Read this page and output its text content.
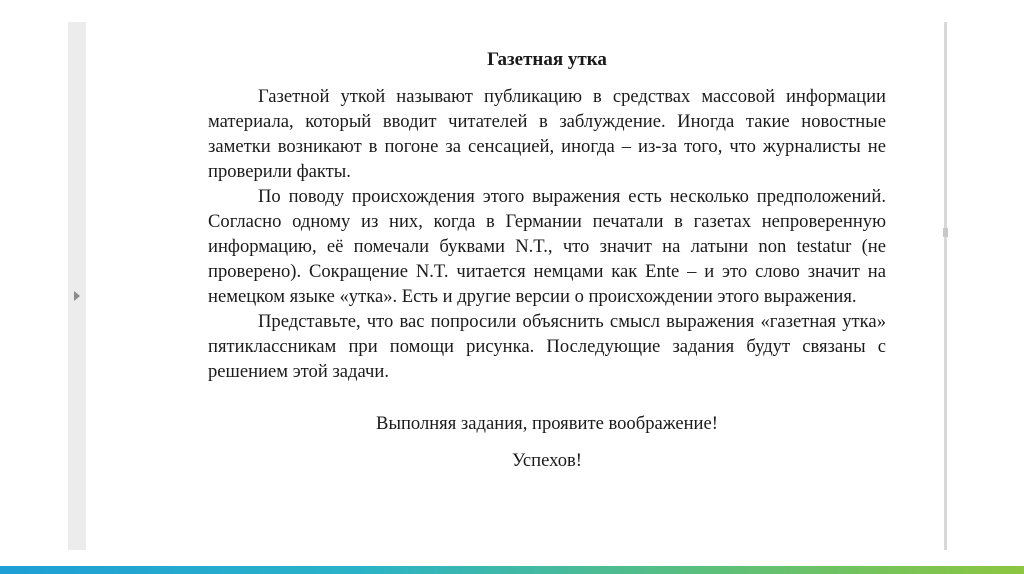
Газетная утка

Газетной уткой называют публикацию в средствах массовой информации материала, который вводит читателей в заблуждение. Иногда такие новостные заметки возникают в погоне за сенсацией, иногда – из-за того, что журналисты не проверили факты.

По поводу происхождения этого выражения есть несколько предположений. Согласно одному из них, когда в Германии печатали в газетах непроверенную информацию, её помечали буквами N.T., что значит на латыни non testatur (не проверено). Сокращение N.T. читается немцами как Ente – и это слово значит на немецком языке «утка». Есть и другие версии о происхождении этого выражения.

Представьте, что вас попросили объяснить смысл выражения «газетная утка» пятиклассникам при помощи рисунка. Последующие задания будут связаны с решением этой задачи.

Выполняя задания, проявите воображение!

Успехов!
